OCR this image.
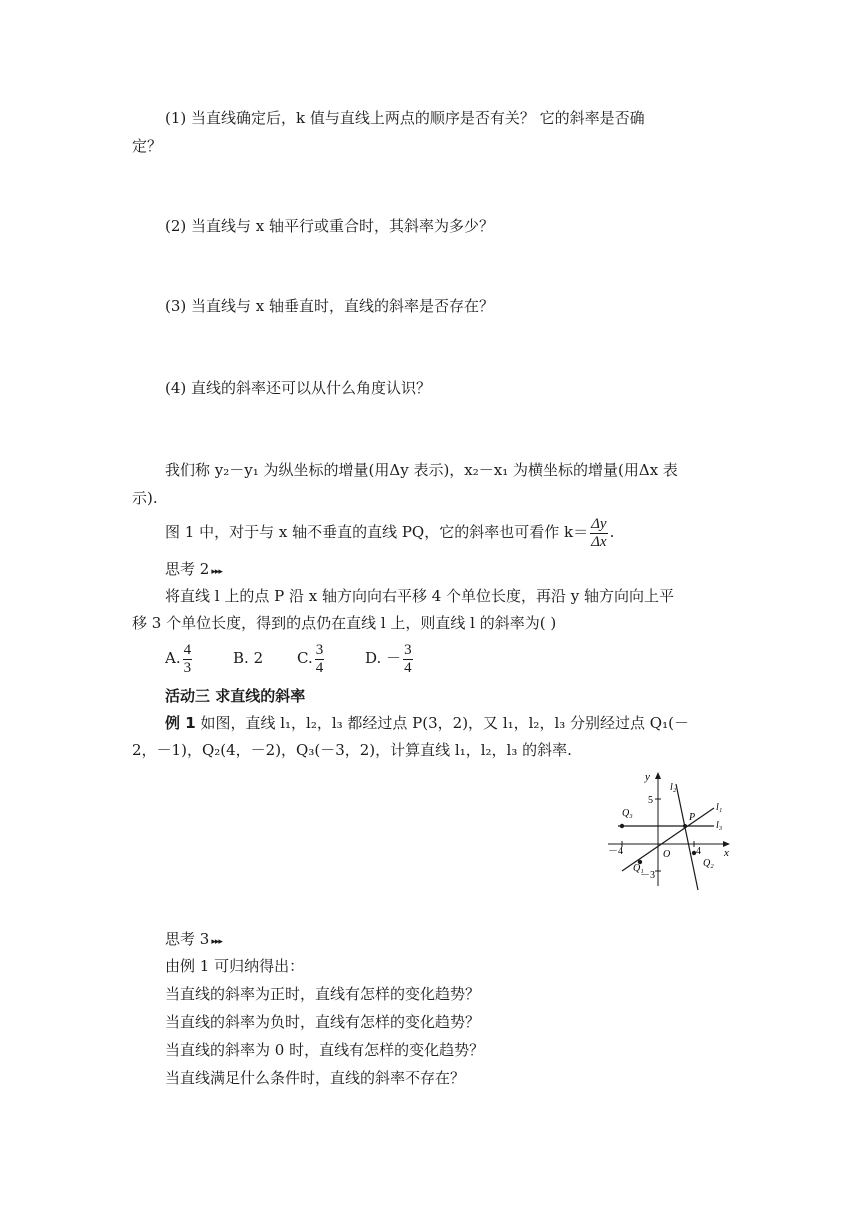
(1) 当直线确定后，k 值与直线上两点的顺序是否有关？ 它的斜率是否确
定？
(2) 当直线与 x 轴平行或重合时，其斜率为多少？
(3) 当直线与 x 轴垂直时，直线的斜率是否存在？
(4) 直线的斜率还可以从什么角度认识？
我们称 y₂－y₁ 为纵坐标的增量(用Δy 表示)，x₂－x₁ 为横坐标的增量(用Δx 表
示).
图 1 中，对于与 x 轴不垂直的直线 PQ，它的斜率也可看作 $k= \frac{\Delta y}{\Delta x}$ .
思考 2 ▸▸▸
将直线 l 上的点 P 沿 x 轴方向向右平移 4 个单位长度，再沿 y 轴方向向上平
移 3 个单位长度，得到的点仍在直线 l 上，则直线 l 的斜率为( )
A. $\frac{4}{3}$	B. 2 C. $\frac{3}{4}$	D. － $\frac{3}{4}$
活动三 求直线的斜率
例 1 如图，直线 l₁，l₂，l₃ 都经过点 P(3，2)，又 l₁，l₂，l₃ 分别经过点 Q₁(－
2，－1)，Q₂(4，－2)，Q₃(－3，2)，计算直线 l₁，l₂，l₃ 的斜率.
y
x
5
－3
－4	4
O
l₁
l₂
l₃
P
Q₃
Q₁	Q₂
思考 3 ▸▸▸
由例 1 可归纳得出：
当直线的斜率为正时，直线有怎样的变化趋势？
当直线的斜率为负时，直线有怎样的变化趋势？
当直线的斜率为 0 时，直线有怎样的变化趋势？
当直线满足什么条件时，直线的斜率不存在？
